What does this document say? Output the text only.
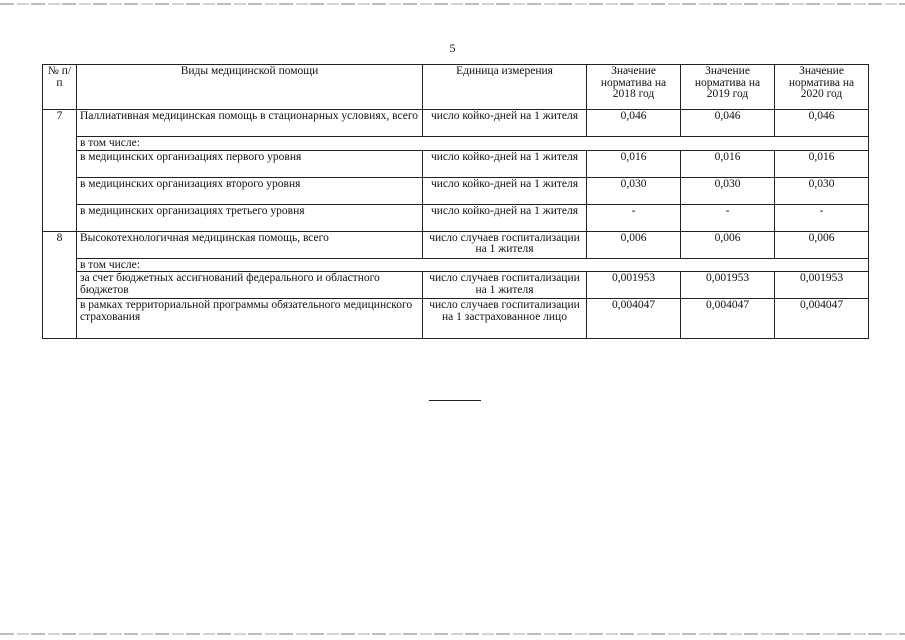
5
№ п/п	Виды медицинской помощи	Единица измерения	Значение норматива на 2018 год	Значение норматива на 2019 год	Значение норматива на 2020 год
7	Паллиативная медицинская помощь в стационарных условиях, всего	число койко-дней на 1 жителя	0,046	0,046	0,046
	в том числе:				
	в медицинских организациях первого уровня	число койко-дней на 1 жителя	0,016	0,016	0,016
	в медицинских организациях второго уровня	число койко-дней на 1 жителя	0,030	0,030	0,030
	в медицинских организациях третьего уровня	число койко-дней на 1 жителя	-	-	-
8	Высокотехнологичная медицинская помощь, всего	число случаев госпитализации на 1 жителя	0,006	0,006	0,006
	в том числе:				
	за счет бюджетных ассигнований федерального и областного бюджетов	число случаев госпитализации на 1 жителя	0,001953	0,001953	0,001953
	в рамках территориальной программы обязательного медицинского страхования	число случаев госпитализации на 1 застрахованное лицо	0,004047	0,004047	0,004047
